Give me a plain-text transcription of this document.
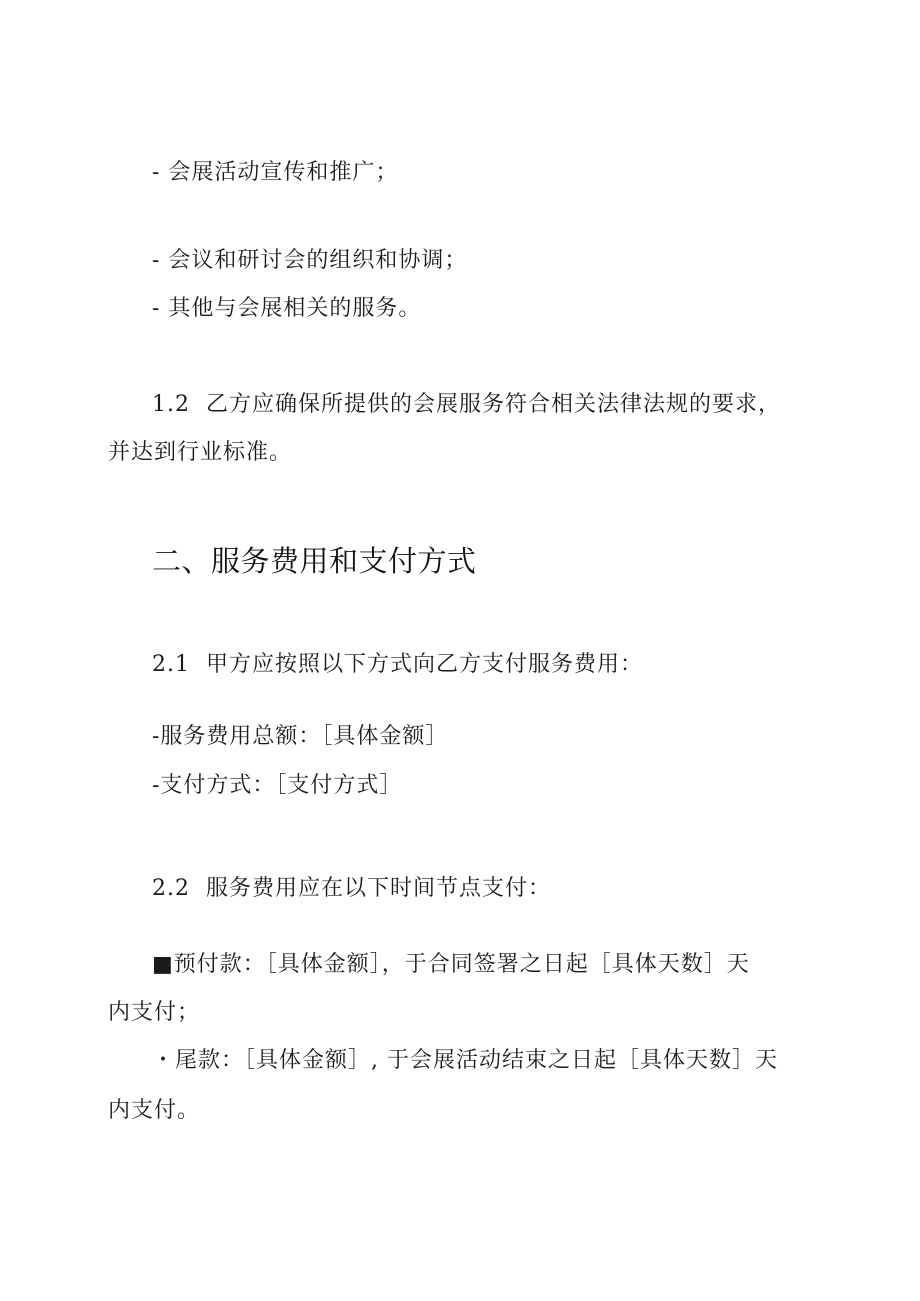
- 会展活动宣传和推广；
- 会议和研讨会的组织和协调；
- 其他与会展相关的服务。
1.2 乙方应确保所提供的会展服务符合相关法律法规的要求，
并达到行业标准。
二、服务费用和支付方式
2.1 甲方应按照以下方式向乙方支付服务费用：
-服务费用总额：［具体金额］
-支付方式：［支付方式］
2.2 服务费用应在以下时间节点支付：
■预付款：［具体金额］，于合同签署之日起［具体天数］天
内支付；
・尾款：［具体金额］, 于会展活动结束之日起［具体天数］天
内支付。
